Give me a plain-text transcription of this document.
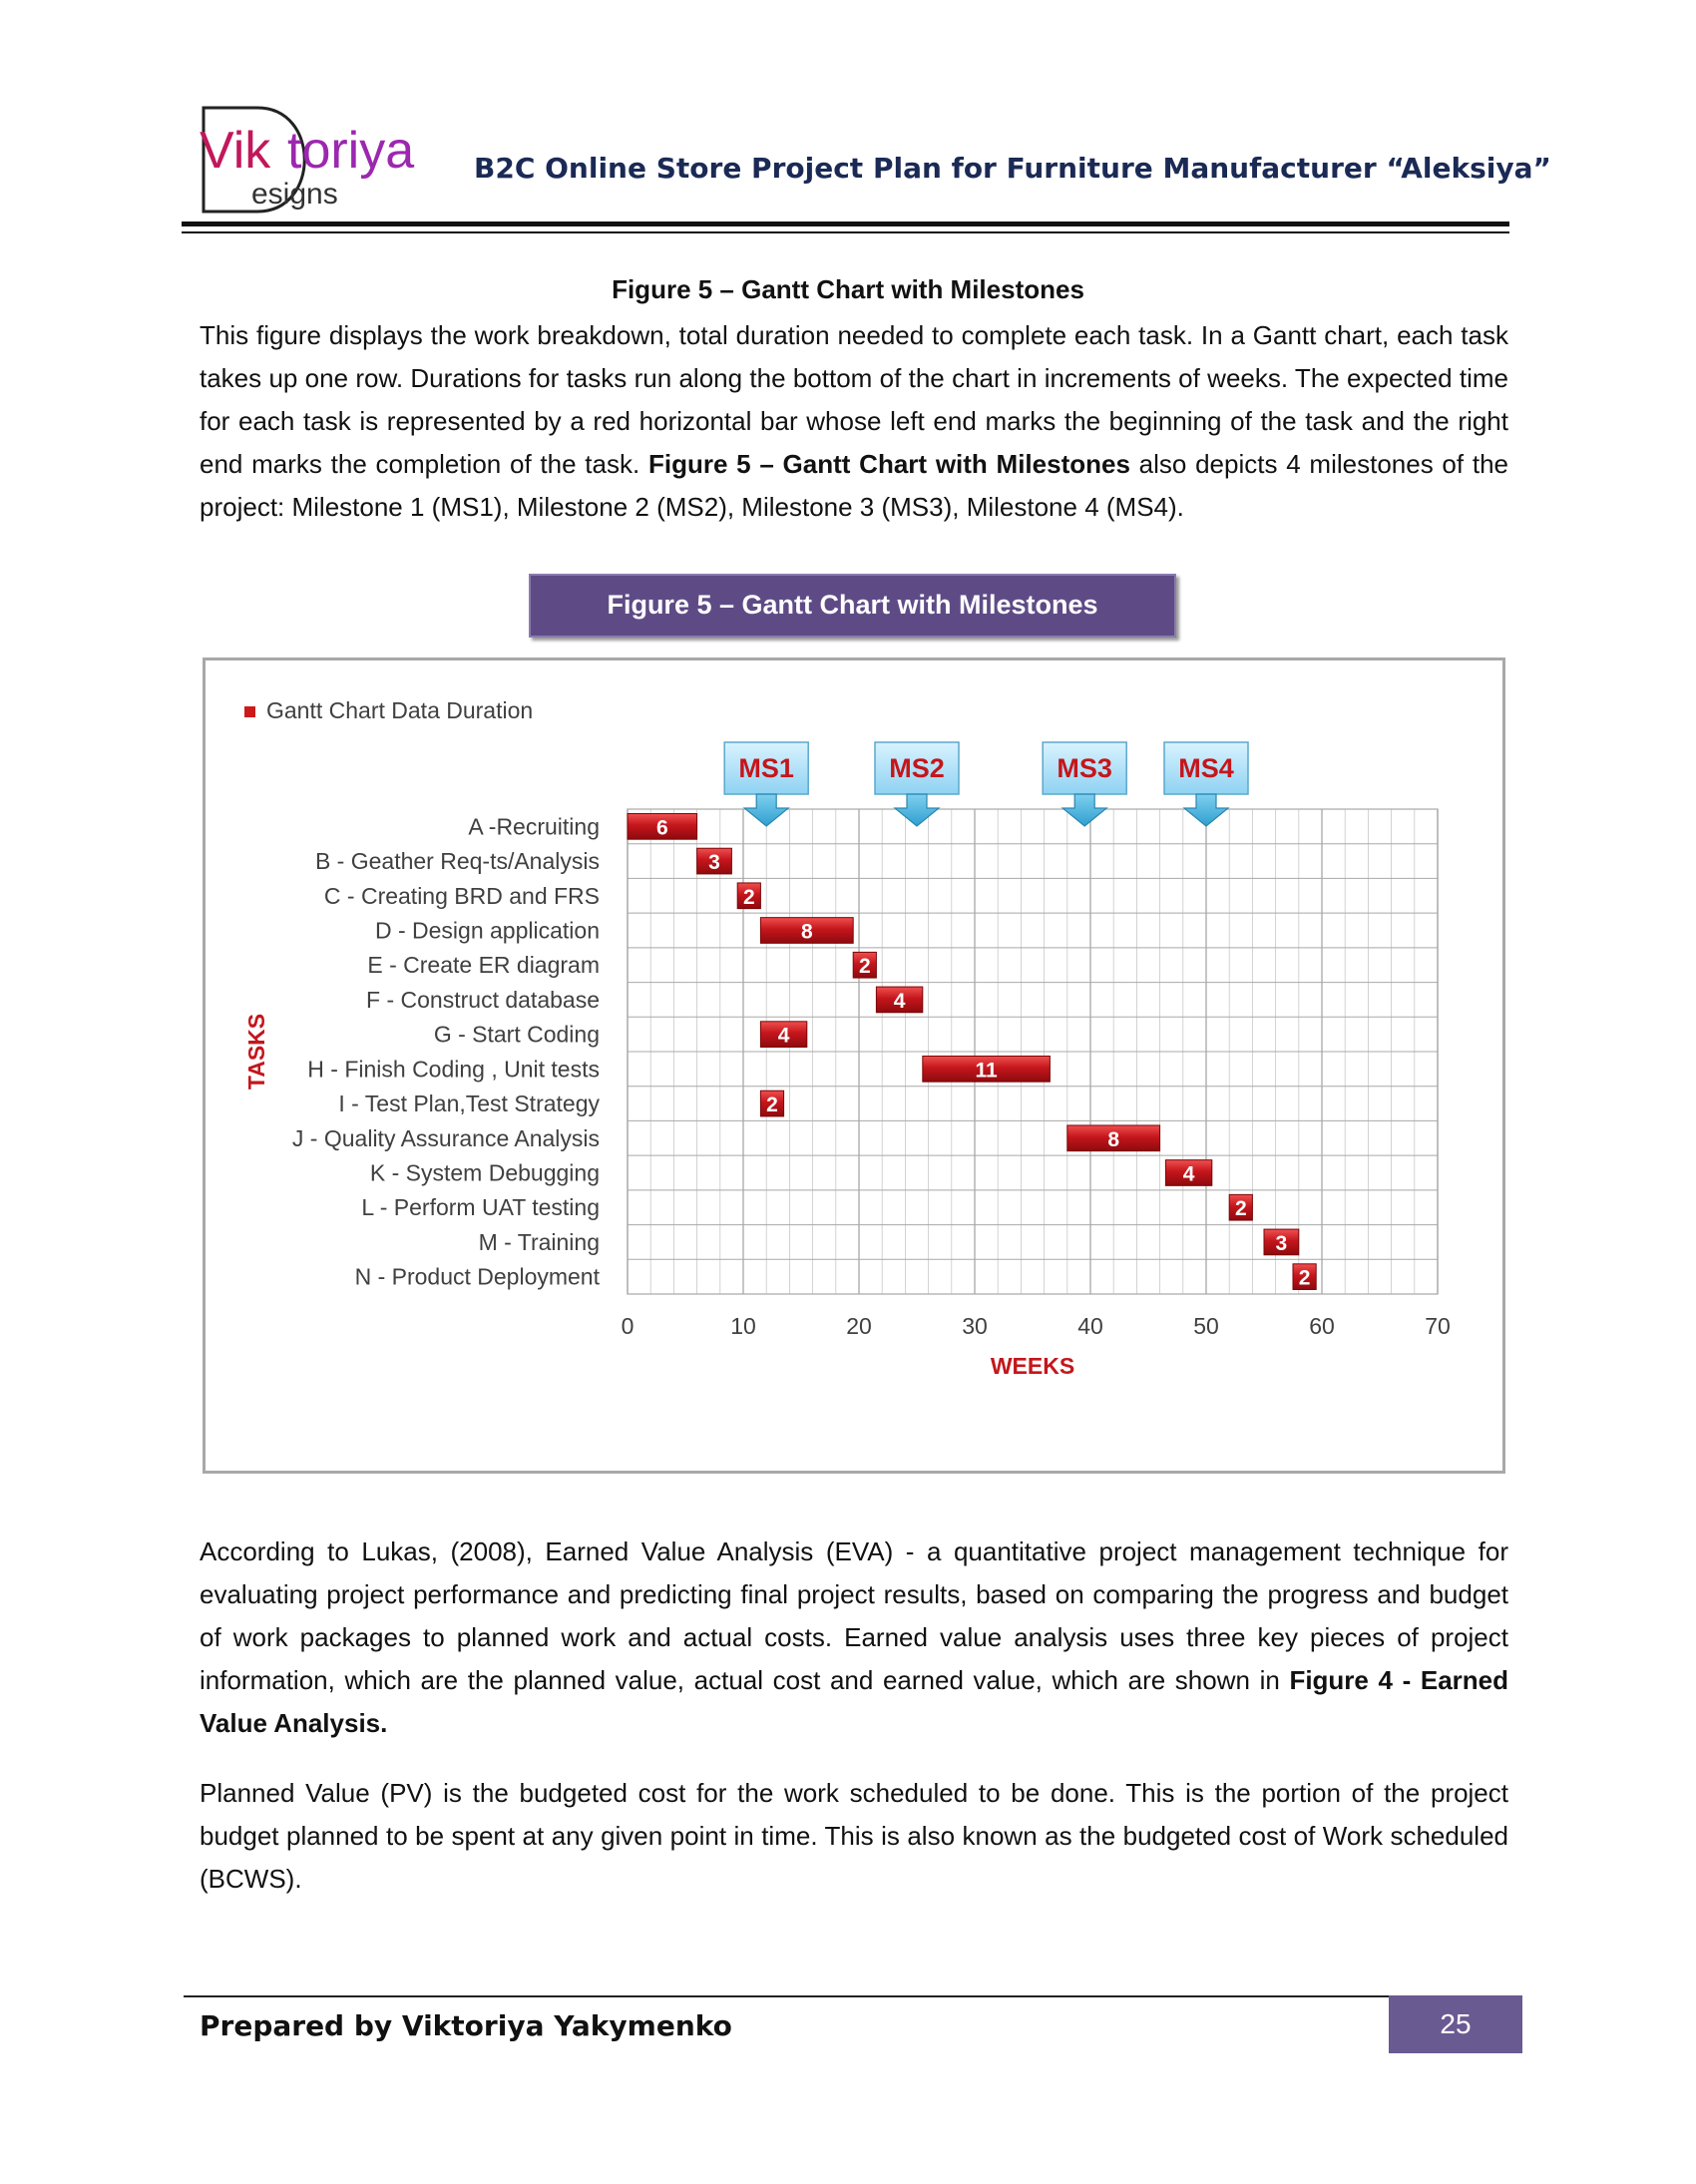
Vik toriya
esigns
B2C Online Store Project Plan for Furniture Manufacturer “Aleksiya”
Figure 5 – Gantt Chart with Milestones
This figure displays the work breakdown, total duration needed to complete each task. In a Gantt chart, each task takes up one row. Durations for tasks run along the bottom of the chart in increments of weeks. The expected time for each task is represented by a red horizontal bar whose left end marks the beginning of the task and the right end marks the completion of the task. Figure 5 – Gantt Chart with Milestones also depicts 4 milestones of the project: Milestone 1 (MS1), Milestone 2 (MS2), Milestone 3 (MS3), Milestone 4 (MS4).
Figure 5 – Gantt Chart with Milestones
Gantt Chart Data Duration
A -Recruiting
B - Geather Req-ts/Analysis
C - Creating BRD and FRS
D - Design application
E - Create ER diagram
F - Construct database
G - Start Coding
H - Finish Coding , Unit tests
I - Test Plan,Test Strategy
J - Quality Assurance Analysis
K - System Debugging
L - Perform UAT testing
M - Training
N - Product Deployment
6
3
2
8
2
4
4
11
2
8
4
2
3
2
MS1	MS2	MS3 MS4
0	10	20	30	40	50	60	70
WEEKS
TASKS
According to Lukas, (2008), Earned Value Analysis (EVA) - a quantitative project management technique for evaluating project performance and predicting final project results, based on comparing the progress and budget of work packages to planned work and actual costs. Earned value analysis uses three key pieces of project information, which are the planned value, actual cost and earned value, which are shown in Figure 4 - Earned Value Analysis.
Planned Value (PV) is the budgeted cost for the work scheduled to be done. This is the portion of the project budget planned to be spent at any given point in time. This is also known as the budgeted cost of Work scheduled (BCWS).
Prepared by Viktoriya Yakymenko	25
